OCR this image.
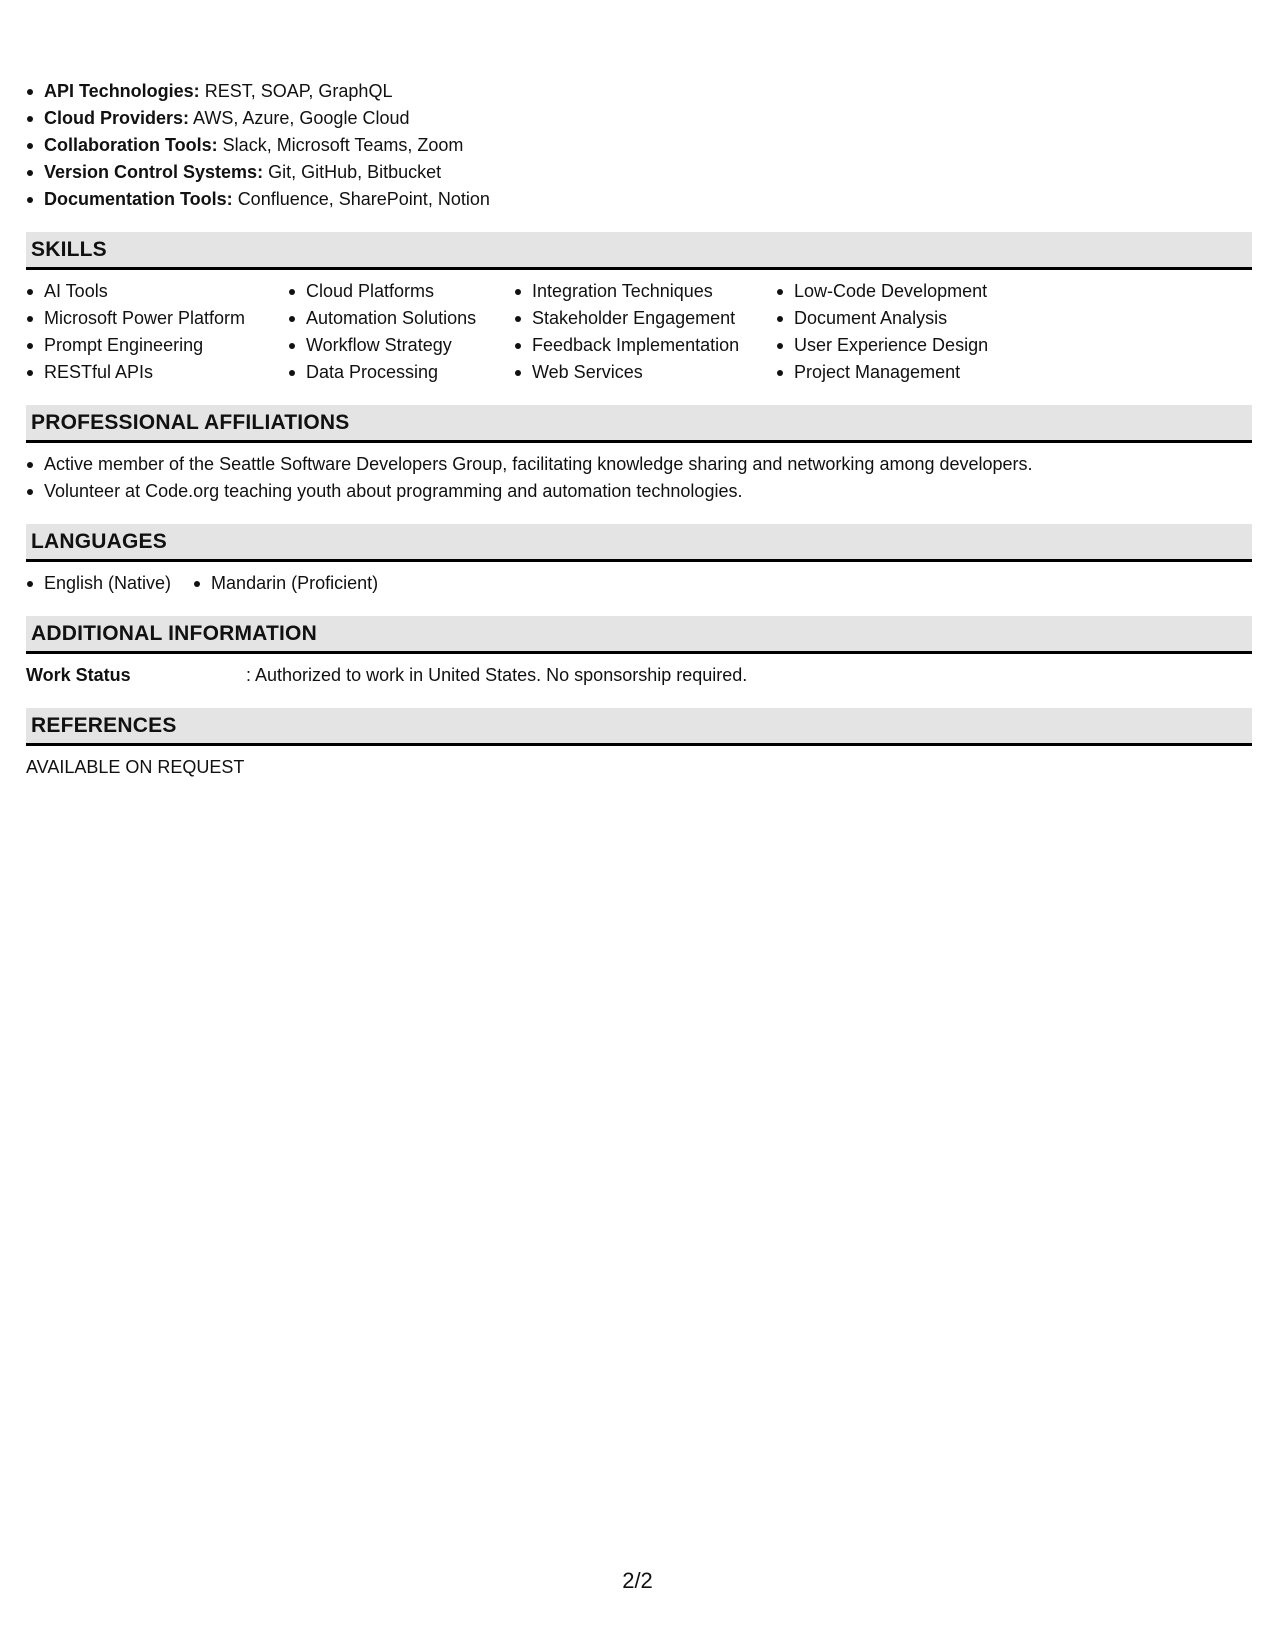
API Technologies: REST, SOAP, GraphQL
Cloud Providers: AWS, Azure, Google Cloud
Collaboration Tools: Slack, Microsoft Teams, Zoom
Version Control Systems: Git, GitHub, Bitbucket
Documentation Tools: Confluence, SharePoint, Notion
SKILLS
AI Tools
Microsoft Power Platform
Prompt Engineering
RESTful APIs
Cloud Platforms
Automation Solutions
Workflow Strategy
Data Processing
Integration Techniques
Stakeholder Engagement
Feedback Implementation
Web Services
Low-Code Development
Document Analysis
User Experience Design
Project Management
PROFESSIONAL AFFILIATIONS
Active member of the Seattle Software Developers Group, facilitating knowledge sharing and networking among developers.
Volunteer at Code.org teaching youth about programming and automation technologies.
LANGUAGES
English (Native)	Mandarin (Proficient)
ADDITIONAL INFORMATION
Work Status	: Authorized to work in United States. No sponsorship required.
REFERENCES
AVAILABLE ON REQUEST
2/2
